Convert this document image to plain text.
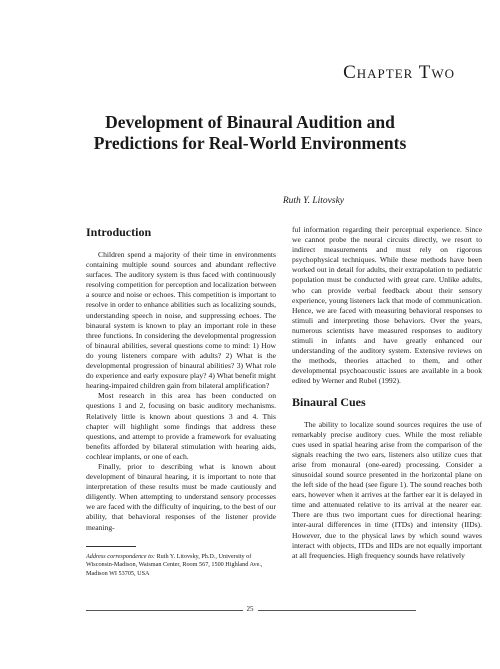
Chapter Two
Development of Binaural Audition and
Predictions for Real-World Environments
Ruth Y. Litovsky
Introduction

Children spend a majority of their time in environments containing multiple sound sources and abundant reflective surfaces. The auditory system is thus faced with continuously resolving competition for perception and localization between a source and noise or echoes. This competition is important to resolve in order to enhance abilities such as localizing sounds, understanding speech in noise, and suppressing echoes. The binaural system is known to play an important role in these three functions. In considering the developmental progression of binaural abilities, several questions come to mind: 1) How do young listeners compare with adults? 2) What is the developmental progression of binaural abilities? 3) What role do experience and early exposure play? 4) What benefit might hearing-impaired children gain from bilateral amplification?

Most research in this area has been conducted on questions 1 and 2, focusing on basic auditory mechanisms. Relatively little is known about questions 3 and 4. This chapter will highlight some findings that address these questions, and attempt to provide a framework for evaluating benefits afforded by bilateral stimulation with hearing aids, cochlear implants, or one of each.

Finally, prior to describing what is known about development of binaural hearing, it is important to note that interpretation of these results must be made cautiously and diligently. When attempting to understand sensory processes we are faced with the difficulty of inquiring, to the best of our ability, that behavioral responses of the listener provide meaning-

ful information regarding their perceptual experience. Since we cannot probe the neural circuits directly, we resort to indirect measurements and must rely on rigorous psychophysical techniques. While these methods have been worked out in detail for adults, their extrapolation to pediatric population must be conducted with great care. Unlike adults, who can provide verbal feedback about their sensory experience, young listeners lack that mode of communication. Hence, we are faced with measuring behavioral responses to stimuli and interpreting those behaviors. Over the years, numerous scientists have measured responses to auditory stimuli in infants and have greatly enhanced our understanding of the auditory system. Extensive reviews on the methods, theories attached to them, and other developmental psychoacoustic issues are available in a book edited by Werner and Rubel (1992).

Binaural Cues

The ability to localize sound sources requires the use of remarkably precise auditory cues. While the most reliable cues used in spatial hearing arise from the comparison of the signals reaching the two ears, listeners also utilize cues that arise from monaural (one-eared) processing. Consider a sinusoidal sound source presented in the horizontal plane on the left side of the head (see figure 1). The sound reaches both ears, however when it arrives at the farther ear it is delayed in time and attenuated relative to its arrival at the nearer ear. There are thus two important cues for directional hearing: inter-aural differences in time (ITDs) and intensity (IIDs). However, due to the physical laws by which sound waves interact with objects, ITDs and IIDs are not equally important at all frequencies. High frequency sounds have relatively

Address correspondence to: Ruth Y. Litovsky, Ph.D., University of Wisconsin-Madison, Waisman Center, Room 567, 1500 Highland Ave., Madison WI 53705, USA
25
